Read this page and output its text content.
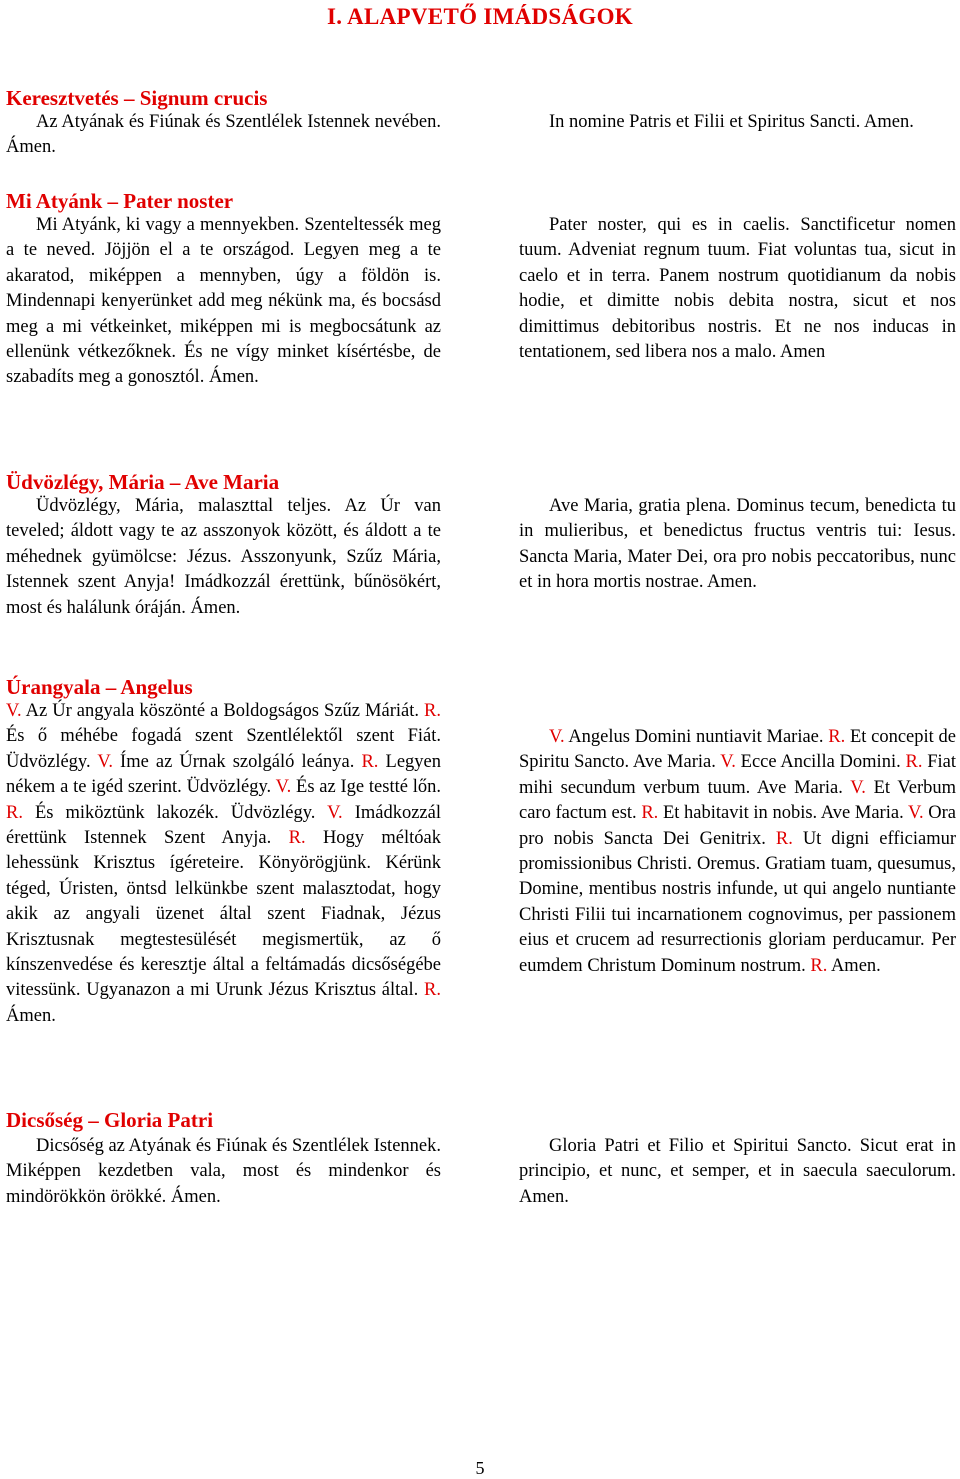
I. ALAPVETŐ IMÁDSÁGOK
Keresztvetés – Signum crucis
Az Atyának és Fiúnak és Szentlélek Istennek nevében. Ámen.
In nomine Patris et Filii et Spiritus Sancti. Amen.
Mi Atyánk – Pater noster
Mi Atyánk, ki vagy a mennyekben. Szenteltessék meg a te neved. Jöjjön el a te országod. Legyen meg a te akaratod, miképpen a mennyben, úgy a földön is. Mindennapi kenyerünket add meg nékünk ma, és bocsásd meg a mi vétkeinket, miképpen mi is megbocsátunk az ellenünk vétkezőknek. És ne vígy minket kísértésbe, de szabadíts meg a gonosztól. Ámen.
Pater noster, qui es in caelis. Sanctificetur nomen tuum. Adveniat regnum tuum. Fiat voluntas tua, sicut in caelo et in terra. Panem nostrum quotidianum da nobis hodie, et dimitte nobis debita nostra, sicut et nos dimittimus debitoribus nostris. Et ne nos inducas in tentationem, sed libera nos a malo. Amen
Üdvözlégy, Mária – Ave Maria
Üdvözlégy, Mária, malaszttal teljes. Az Úr van teveled; áldott vagy te az asszonyok között, és áldott a te méhednek gyümölcse: Jézus. Asszonyunk, Szűz Mária, Istennek szent Anyja! Imádkozzál érettünk, bűnösökért, most és halálunk óráján. Ámen.
Ave Maria, gratia plena. Dominus tecum, benedicta tu in mulieribus, et benedictus fructus ventris tui: Iesus. Sancta Maria, Mater Dei, ora pro nobis peccatoribus, nunc et in hora mortis nostrae. Amen.
Úrangyala – Angelus
V. Az Úr angyala köszönté a Boldogságos Szűz Máriát. R. És ő méhébe fogadá szent Szentlélektől szent Fiát. Üdvözlégy. V. Íme az Úrnak szolgáló leánya. R. Legyen nékem a te igéd szerint. Üdvözlégy. V. És az Ige testté lőn. R. És miköztünk lakozék. Üdvözlégy. V. Imádkozzál érettünk Istennek Szent Anyja. R. Hogy méltóak lehessünk Krisztus ígéreteire. Könyörögjünk. Kérünk téged, Úristen, öntsd lelkünkbe szent malasztodat, hogy akik az angyali üzenet által szent Fiadnak, Jézus Krisztusnak megtestesülését megismertük, az ő kínszenvedése és keresztje által a feltámadás dicsőségébe vitessünk. Ugyanazon a mi Urunk Jézus Krisztus által. R. Ámen.
V. Angelus Domini nuntiavit Mariae. R. Et concepit de Spiritu Sancto. Ave Maria. V. Ecce Ancilla Domini. R. Fiat mihi secundum verbum tuum. Ave Maria. V. Et Verbum caro factum est. R. Et habitavit in nobis. Ave Maria. V. Ora pro nobis Sancta Dei Genitrix. R. Ut digni efficiamur promissionibus Christi. Oremus. Gratiam tuam, quesumus, Domine, mentibus nostris infunde, ut qui angelo nuntiante Christi Filii tui incarnationem cognovimus, per passionem eius et crucem ad resurrectionis gloriam perducamur. Per eumdem Christum Dominum nostrum. R. Amen.
Dicsőség – Gloria Patri
Dicsőség az Atyának és Fiúnak és Szentlélek Istennek. Miképpen kezdetben vala, most és mindenkor és mindörökkön örökké. Ámen.
Gloria Patri et Filio et Spiritui Sancto. Sicut erat in principio, et nunc, et semper, et in saecula saeculorum. Amen.
5
